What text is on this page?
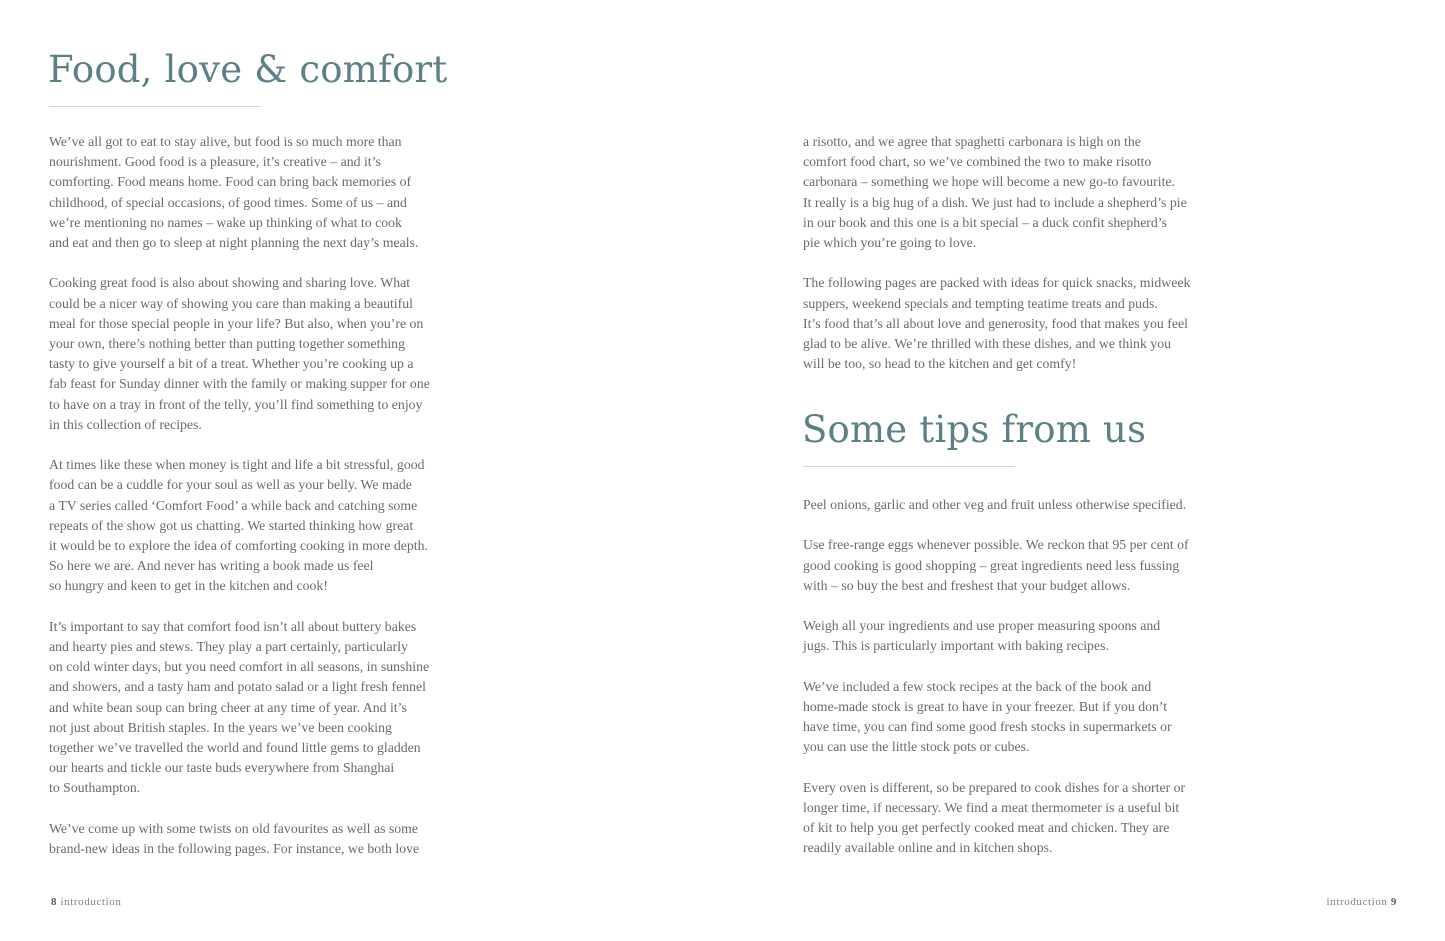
Food, love & comfort

We’ve all got to eat to stay alive, but food is so much more than
nourishment. Good food is a pleasure, it’s creative – and it’s
comforting. Food means home. Food can bring back memories of
childhood, of special occasions, of good times. Some of us – and
we’re mentioning no names – wake up thinking of what to cook
and eat and then go to sleep at night planning the next day’s meals.

Cooking great food is also about showing and sharing love. What
could be a nicer way of showing you care than making a beautiful
meal for those special people in your life? But also, when you’re on
your own, there’s nothing better than putting together something
tasty to give yourself a bit of a treat. Whether you’re cooking up a
fab feast for Sunday dinner with the family or making supper for one
to have on a tray in front of the telly, you’ll find something to enjoy
in this collection of recipes.

At times like these when money is tight and life a bit stressful, good
food can be a cuddle for your soul as well as your belly. We made
a TV series called ‘Comfort Food’ a while back and catching some
repeats of the show got us chatting. We started thinking how great
it would be to explore the idea of comforting cooking in more depth.
So here we are. And never has writing a book made us feel
so hungry and keen to get in the kitchen and cook!

It’s important to say that comfort food isn’t all about buttery bakes
and hearty pies and stews. They play a part certainly, particularly
on cold winter days, but you need comfort in all seasons, in sunshine
and showers, and a tasty ham and potato salad or a light fresh fennel
and white bean soup can bring cheer at any time of year. And it’s
not just about British staples. In the years we’ve been cooking
together we’ve travelled the world and found little gems to gladden
our hearts and tickle our taste buds everywhere from Shanghai
to Southampton.

We’ve come up with some twists on old favourites as well as some
brand-new ideas in the following pages. For instance, we both love

8 introduction

a risotto, and we agree that spaghetti carbonara is high on the
comfort food chart, so we’ve combined the two to make risotto
carbonara – something we hope will become a new go-to favourite.
It really is a big hug of a dish. We just had to include a shepherd’s pie
in our book and this one is a bit special – a duck confit shepherd’s
pie which you’re going to love.

The following pages are packed with ideas for quick snacks, midweek
suppers, weekend specials and tempting teatime treats and puds.
It’s food that’s all about love and generosity, food that makes you feel
glad to be alive. We’re thrilled with these dishes, and we think you
will be too, so head to the kitchen and get comfy!

Some tips from us

Peel onions, garlic and other veg and fruit unless otherwise specified.

Use free-range eggs whenever possible. We reckon that 95 per cent of
good cooking is good shopping – great ingredients need less fussing
with – so buy the best and freshest that your budget allows.

Weigh all your ingredients and use proper measuring spoons and
jugs. This is particularly important with baking recipes.

We’ve included a few stock recipes at the back of the book and
home-made stock is great to have in your freezer. But if you don’t
have time, you can find some good fresh stocks in supermarkets or
you can use the little stock pots or cubes.

Every oven is different, so be prepared to cook dishes for a shorter or
longer time, if necessary. We find a meat thermometer is a useful bit
of kit to help you get perfectly cooked meat and chicken. They are
readily available online and in kitchen shops.

introduction 9
